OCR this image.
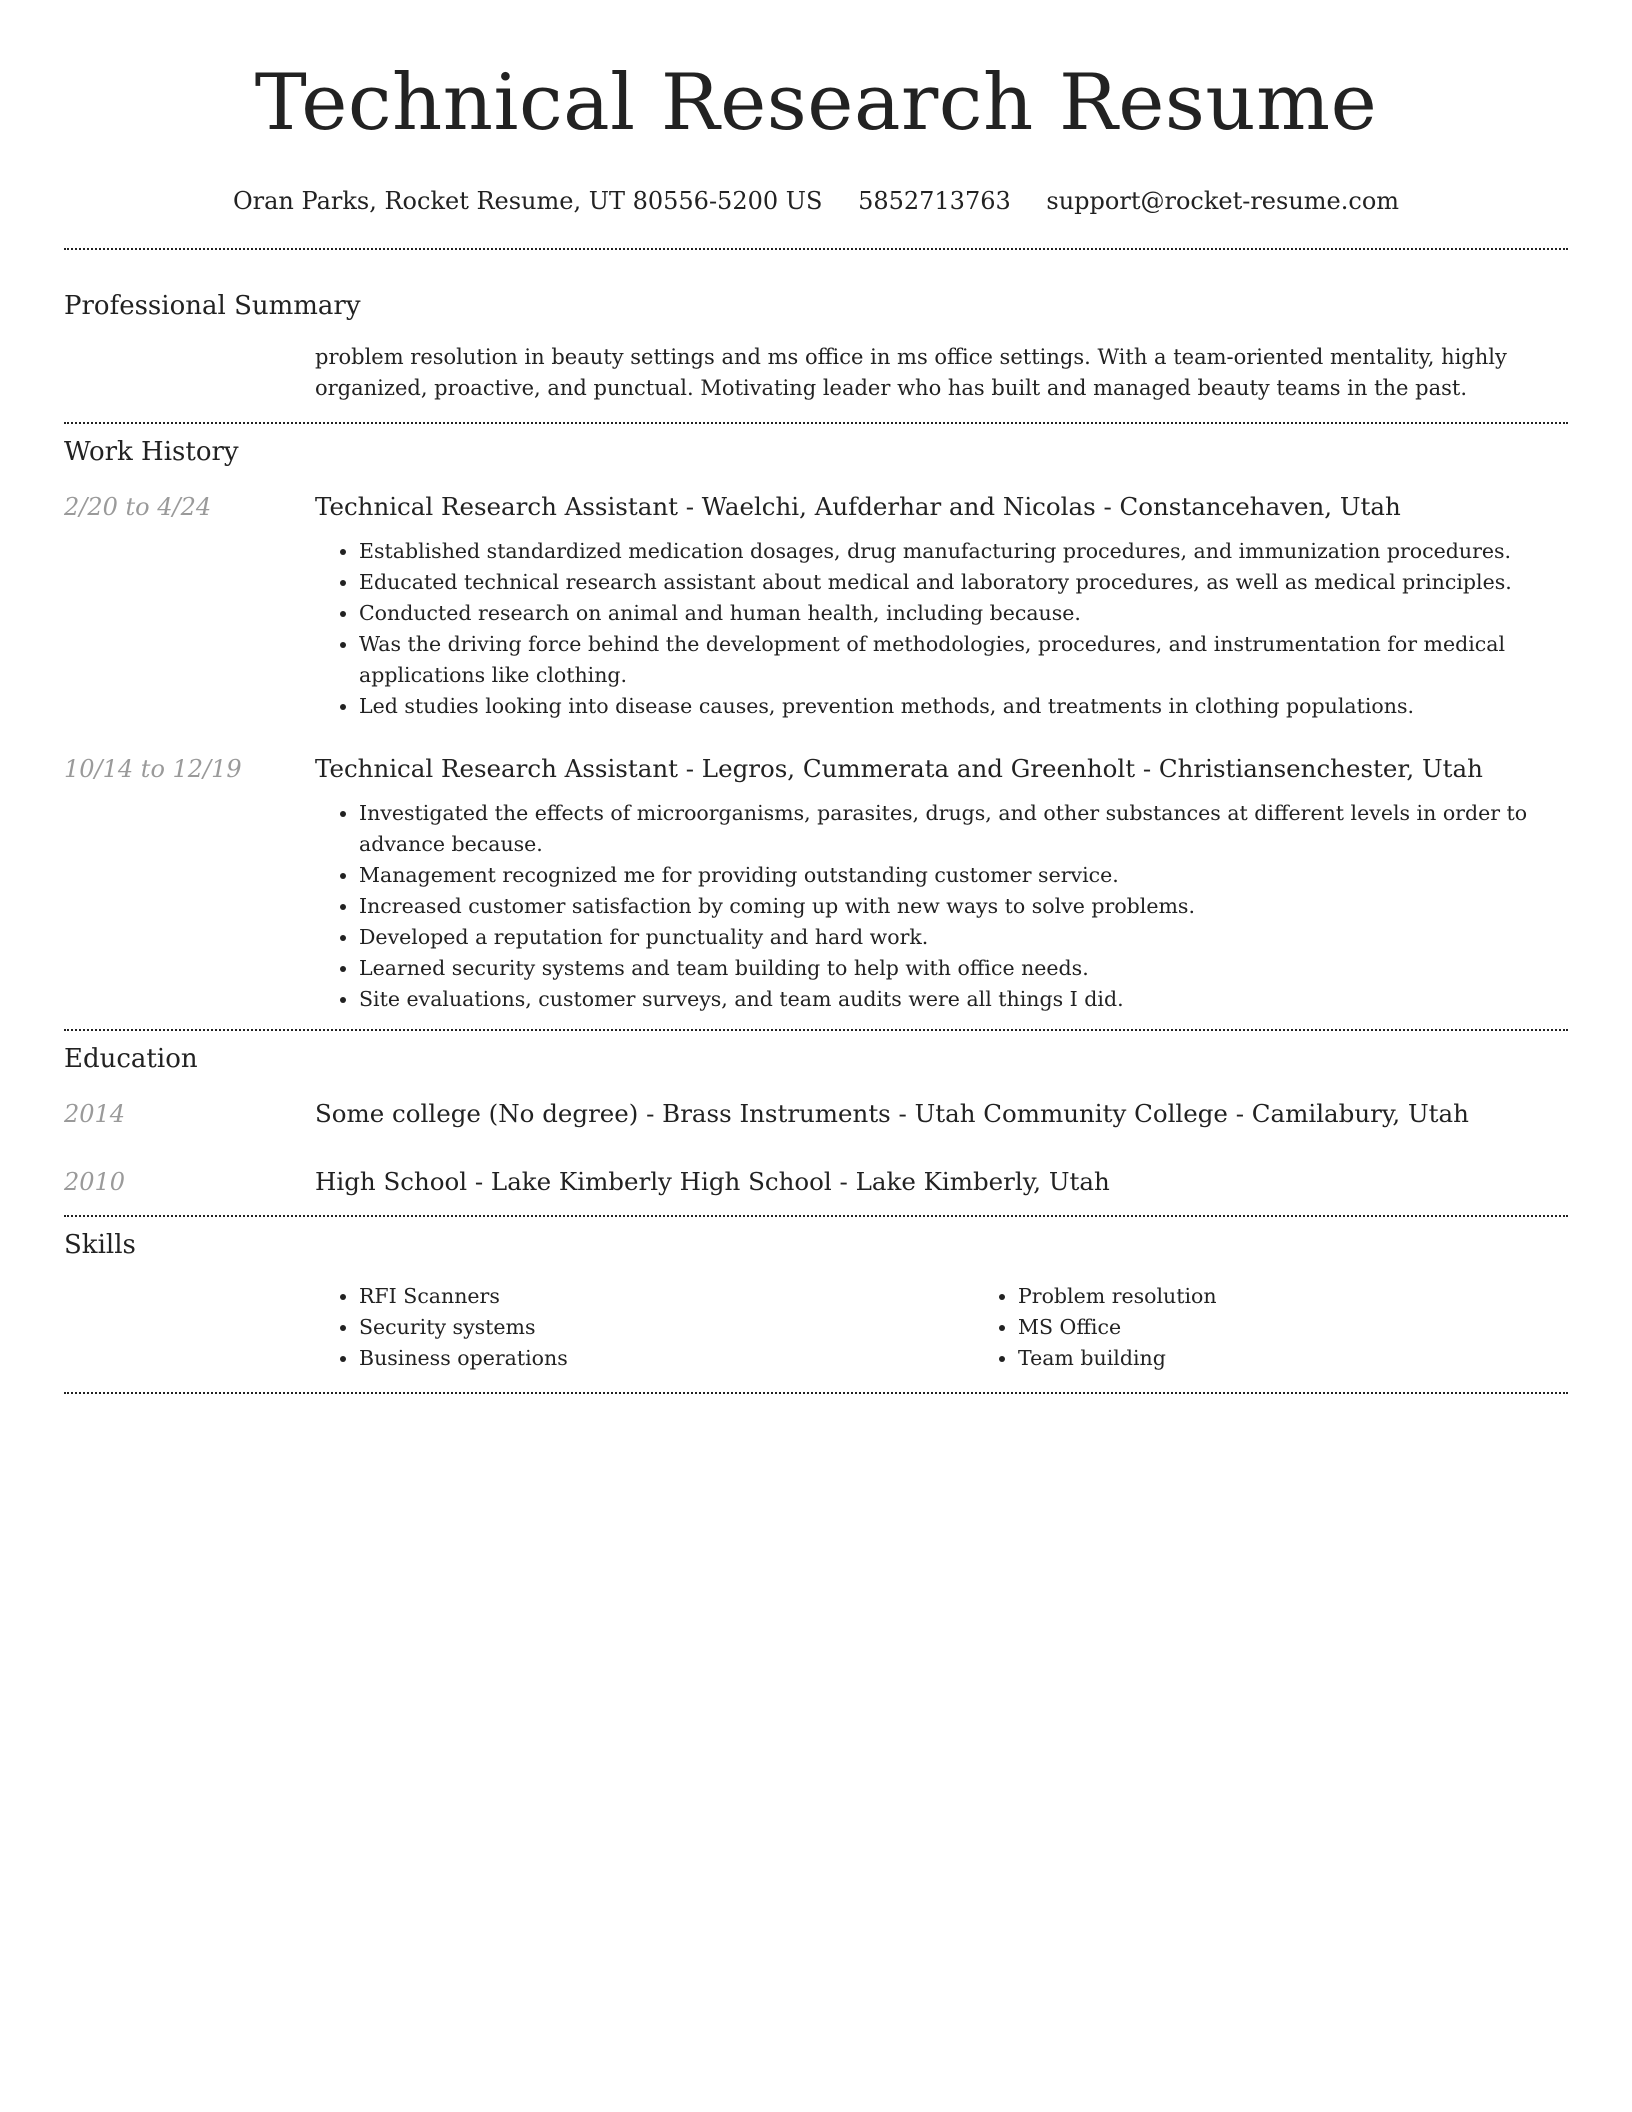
Technical Research Resume
Oran Parks, Rocket Resume, UT 80556-5200 US 5852713763 support@rocket-resume.com
Professional Summary

problem resolution in beauty settings and ms office in ms office settings. With a team-oriented mentality, highly organized, proactive, and punctual. Motivating leader who has built and managed beauty teams in the past.

Work History
2/20 to 4/24	Technical Research Assistant - Waelchi, Aufderhar and Nicolas - Constancehaven, Utah
• Established standardized medication dosages, drug manufacturing procedures, and immunization procedures.
• Educated technical research assistant about medical and laboratory procedures, as well as medical principles.
• Conducted research on animal and human health, including because.
• Was the driving force behind the development of methodologies, procedures, and instrumentation for medical applications like clothing.
• Led studies looking into disease causes, prevention methods, and treatments in clothing populations.
10/14 to 12/19	Technical Research Assistant - Legros, Cummerata and Greenholt - Christiansenchester, Utah
• Investigated the effects of microorganisms, parasites, drugs, and other substances at different levels in order to advance because.
• Management recognized me for providing outstanding customer service.
• Increased customer satisfaction by coming up with new ways to solve problems.
• Developed a reputation for punctuality and hard work.
• Learned security systems and team building to help with office needs.
• Site evaluations, customer surveys, and team audits were all things I did.
Education
2014	Some college (No degree) - Brass Instruments - Utah Community College - Camilabury, Utah
2010	High School - Lake Kimberly High School - Lake Kimberly, Utah
Skills
• RFI Scanners
• Security systems
• Business operations
• Problem resolution
• MS Office
• Team building
